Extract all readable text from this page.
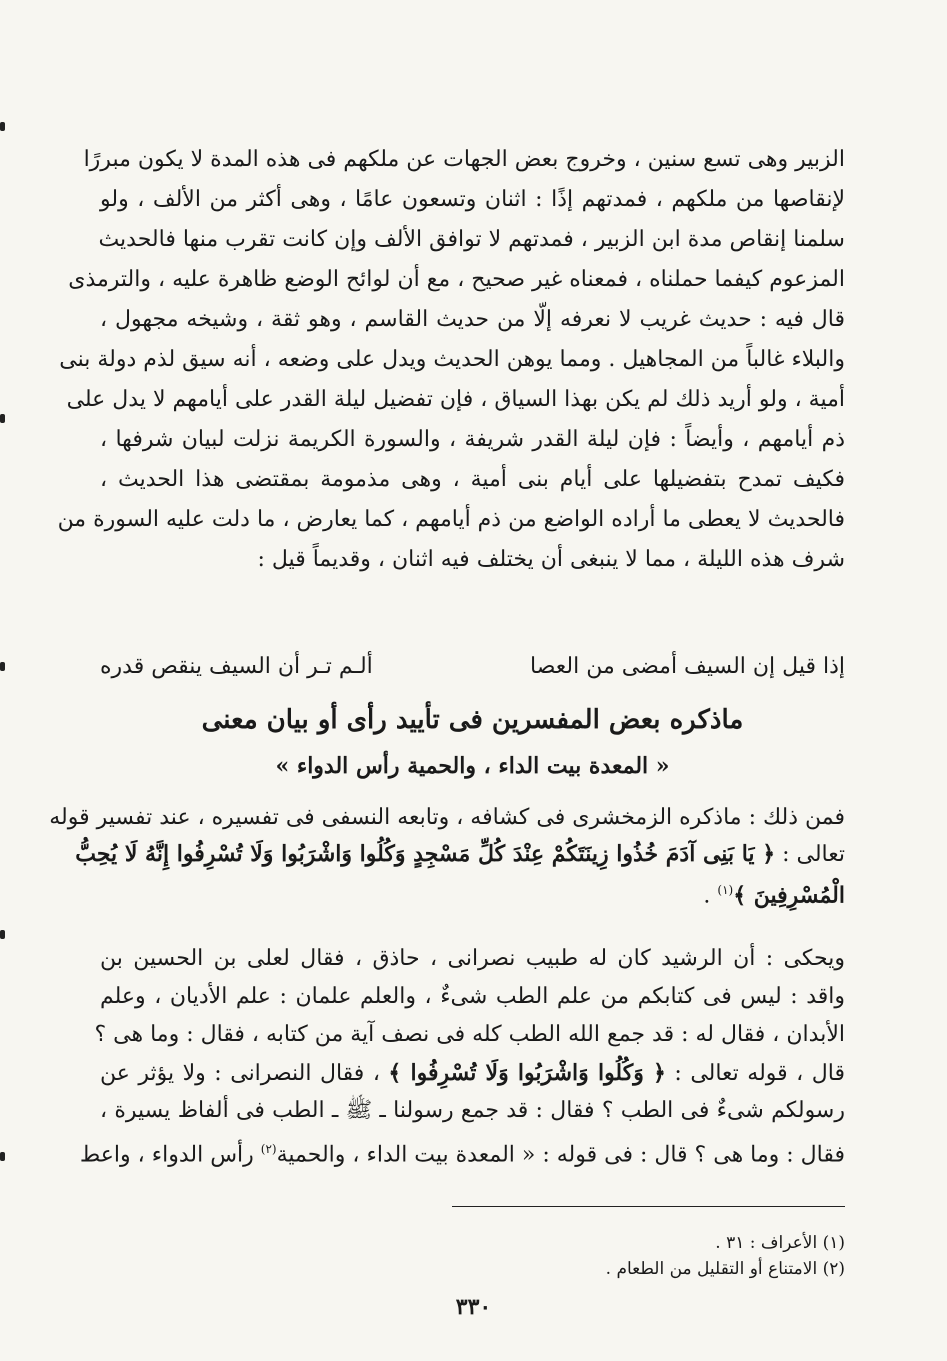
الزبير وهى تسع سنين ، وخروج بعض الجهات عن ملكهم فى هذه المدة لا يكون مبررًا
لإنقاصها من ملكهم ، فمدتهم إذًا : اثنان وتسعون عامًا ، وهى أكثر من الألف ، ولو
سلمنا إنقاص مدة ابن الزبير ، فمدتهم لا توافق الألف وإن كانت تقرب منها فالحديث
المزعوم كيفما حملناه ، فمعناه غير صحيح ، مع أن لوائح الوضع ظاهرة عليه ، والترمذى
قال فيه : حديث غريب لا نعرفه إلّا من حديث القاسم ، وهو ثقة ، وشيخه مجهول ،
والبلاء غالباً من المجاهيل . ومما يوهن الحديث ويدل على وضعه ، أنه سيق لذم دولة بنى
أمية ، ولو أريد ذلك لم يكن بهذا السياق ، فإن تفضيل ليلة القدر على أيامهم لا يدل على
ذم أيامهم ، وأيضاً : فإن ليلة القدر شريفة ، والسورة الكريمة نزلت لبيان شرفها ،
فكيف تمدح بتفضيلها على أيام بنى أمية ، وهى مذمومة بمقتضى هذا الحديث ،
فالحديث لا يعطى ما أراده الواضع من ذم أيامهم ، كما يعارض ، ما دلت عليه السورة من
شرف هذه الليلة ، مما لا ينبغى أن يختلف فيه اثنان ، وقديماً قيل :
إذا قيل إن السيف أمضى من العصا
ألـم تـر أن السيف ينقص قدره
ماذكره بعض المفسرين فى تأييد رأى أو بيان معنى
« المعدة بيت الداء ، والحمية رأس الدواء »
فمن ذلك : ماذكره الزمخشرى فى كشافه ، وتابعه النسفى فى تفسيره ، عند تفسير قوله
تعالى : ﴿ يَا بَنِى آدَمَ خُذُوا زِينَتَكُمْ عِنْدَ كُلِّ مَسْجِدٍ وَكُلُوا وَاشْرَبُوا وَلَا تُسْرِفُوا إِنَّهُ لَا يُحِبُّ
الْمُسْرِفِينَ ﴾$^{(١)}$ .
ويحكى : أن الرشيد كان له طبيب نصرانى ، حاذق ، فقال لعلى بن الحسين بن
واقد : ليس فى كتابكم من علم الطب شىءٌ ، والعلم علمان : علم الأديان ، وعلم
الأبدان ، فقال له : قد جمع الله الطب كله فى نصف آية من كتابه ، فقال : وما هى ؟
قال ، قوله تعالى : ﴿ وَكُلُوا وَاشْرَبُوا وَلَا تُسْرِفُوا ﴾ ، فقال النصرانى : ولا يؤثر عن
رسولكم شىءٌ فى الطب ؟ فقال : قد جمع رسولنا ـ ﷺ ـ الطب فى ألفاظ يسيرة ،
فقال : وما هى ؟ قال : فى قوله : « المعدة بيت الداء ، والحمية$^{(٢)}$ رأس الدواء ، واعط
(١) الأعراف : ٣١ .
(٢) الامتناع أو التقليل من الطعام .
٣٣٠
